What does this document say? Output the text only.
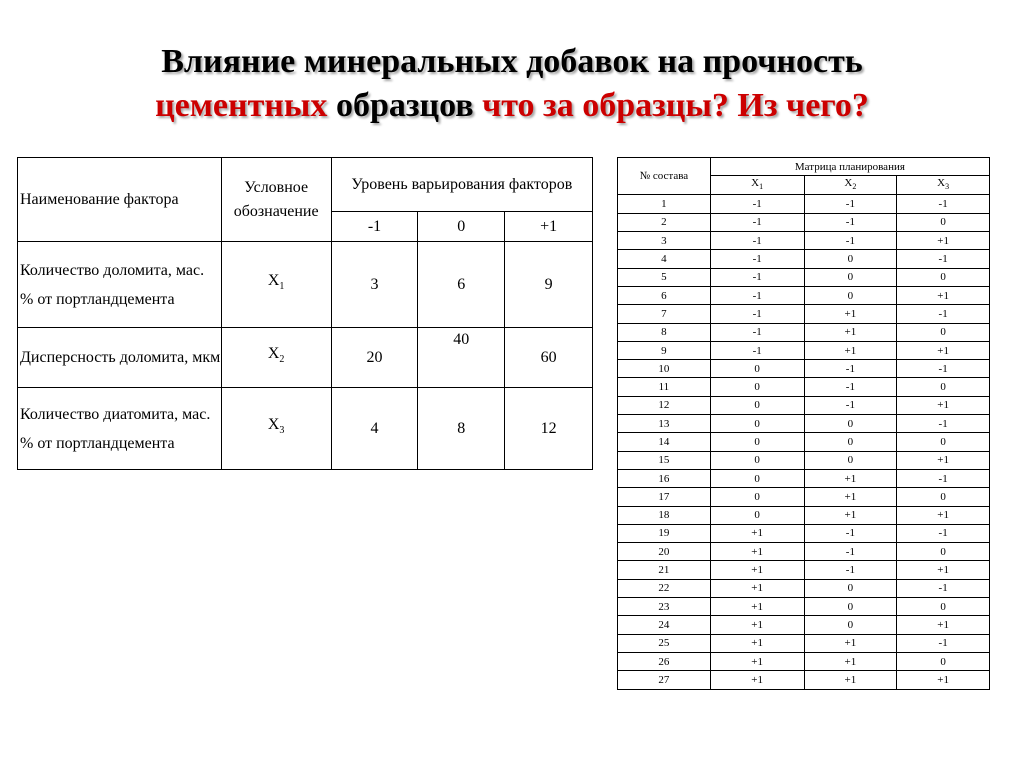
Влияние минеральных добавок на прочность
цементных образцов что за образцы? Из чего?
Наименование фактора	Условное обозначение	Уровень варьирования факторов		
		-1	0	+1
Количество доломита, мас. % от портландцемента	$X_1$	3	6	9
Дисперсность доломита, мкм	$X_2$	20	40	60
Количество диатомита, мас. % от портландцемента	$X_3$	4	8	12
№ состава	Матрица планирования		
	$X_1$	$X_2$	$X_3$
1	-1	-1	-1
2	-1	-1	0
3	-1	-1	+1
4	-1	0	-1
5	-1	0	0
6	-1	0	+1
7	-1	+1	-1
8	-1	+1	0
9	-1	+1	+1
10	0	-1	-1
11	0	-1	0
12	0	-1	+1
13	0	0	-1
14	0	0	0
15	0	0	+1
16	0	+1	-1
17	0	+1	0
18	0	+1	+1
19	+1	-1	-1
20	+1	-1	0
21	+1	-1	+1
22	+1	0	-1
23	+1	0	0
24	+1	0	+1
25	+1	+1	-1
26	+1	+1	0
27	+1	+1	+1
